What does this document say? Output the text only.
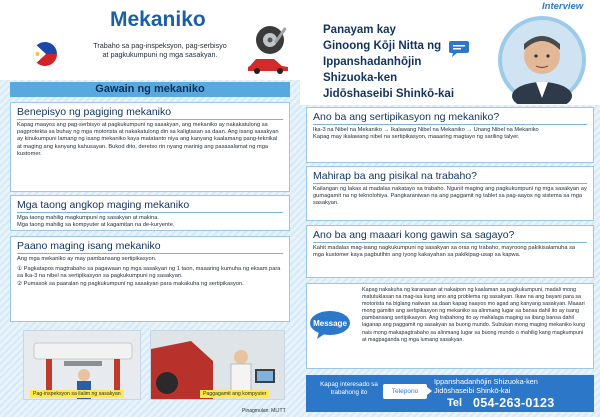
Mekaniko
Trabaho sa pag-inspeksyon, pag-serbisyo at pagkukumpuni ng mga sasakyan.
Gawain ng mekaniko
Benepisyo ng pagiging mekaniko

Kapag maayos ang pag-serbisyo at pagkukumpuni ng sasakyan, ang mekaniko ay nakakatulong sa pagprotekta sa buhay ng mga motorista at nakakatulong din sa kaligtasan sa daan. Ang isang sasakyan ay kinukumpuni lamang ng isang mekaniko kaya matatanto niya ang kanyang kaalamang pang-teknikal at maging ang kanyang kahusayan. Bukod dito, deretso rin nyang marinig ang pasasalamat ng mga kustomer.

Mga taong angkop maging mekaniko

Mga taong mahilig magkumpuni ng sasakyan at makina.

Mga taong mahilig sa kompyuter at kagamitan na de-kuryente.

Paano maging isang mekaniko

Ang mga mekaniko ay may pambansang sertipikasyon.

① Pagkatapos magtrabaho sa pagawaan ng mga sasakyan ng 1 taon, maaaring kumuha ng eksam para sa Ika-3 na nibel na sertipikasyon sa pagkukumpuni ng sasakyan.

② Pumasok sa paaralan ng pagkukumpuni ng sasakyan para makakuha ng sertipikasyon.

Pag-inspeksyon sa ilalim ng sasakyan	Paggagamit ang kompyuter
Pinagmulan: MLITT
Panayam kay
Ginoong Kōji Nitta ng
Ippanshadanhōjin
Shizuoka-ken
Jidōshaseibi Shinkō-kai
Interview
Ano ba ang sertipikasyon ng mekaniko?

Ika-3 na Nibel na Mekaniko → Ikalawang Nibel na Mekaniko → Unang Nibel na Mekaniko

Kapag may ikalawang nibel na sertipikasyon, maaaring magtayo ng sariling talyer.

Mahirap ba ang pisikal na trabaho?

Kailangan ng lakas at madalas nakatayo sa trabaho. Ngunit maging ang pagkukumpuni ng mga sasakyan ay gumagamit na ng teknolohiya. Pangkaraniwan na ang paggamit ng tablet sa pag-aayos ng sistema sa mga sasakyan.

Ano ba ang maaari kong gawin sa sagayo?

Kahit madalas mag-isang nagkukumpuni ng sasakyan sa oras ng trabaho, mayroong pakikisalamuha sa mga kustomer kaya pagbutihin ang iyong kakayahan sa pakikipag-usap sa kapwa.

Message
Kapag nakakuha ng karanasan at nakaipon ng kaalaman sa pagkukumpuni, madali mong matutuklasan na mag-isa kung ano ang problema ng sasakyan. Ikaw na ang bayani para sa motorista na biglang naiiwan sa daan kapag naayos mo agad ang kanyang sasakyan. Maaari mong gamitin ang sertipikasyon ng mekaniko sa alinmang lugar sa bansa dahil ito ay isang pambansang sertipikasyon. Ang trabahong ito ay mahalaga maging sa ibang bansa dahil laganap ang paggamit ng sasakyan sa buong mundo. Subukan mong maging mekaniko kung nais mong makapagtrabaho sa alinmang lugar sa buong mundo o mahilig kang magkumpuni at magpaganda ng mga lumang sasakyan.
Kapag interesado sa trabahong ito	Telepono
Ippanshadanhōjin Shizuoka-ken
Jidōshaseibi Shinkō-kai
Tel 054-263-0123
